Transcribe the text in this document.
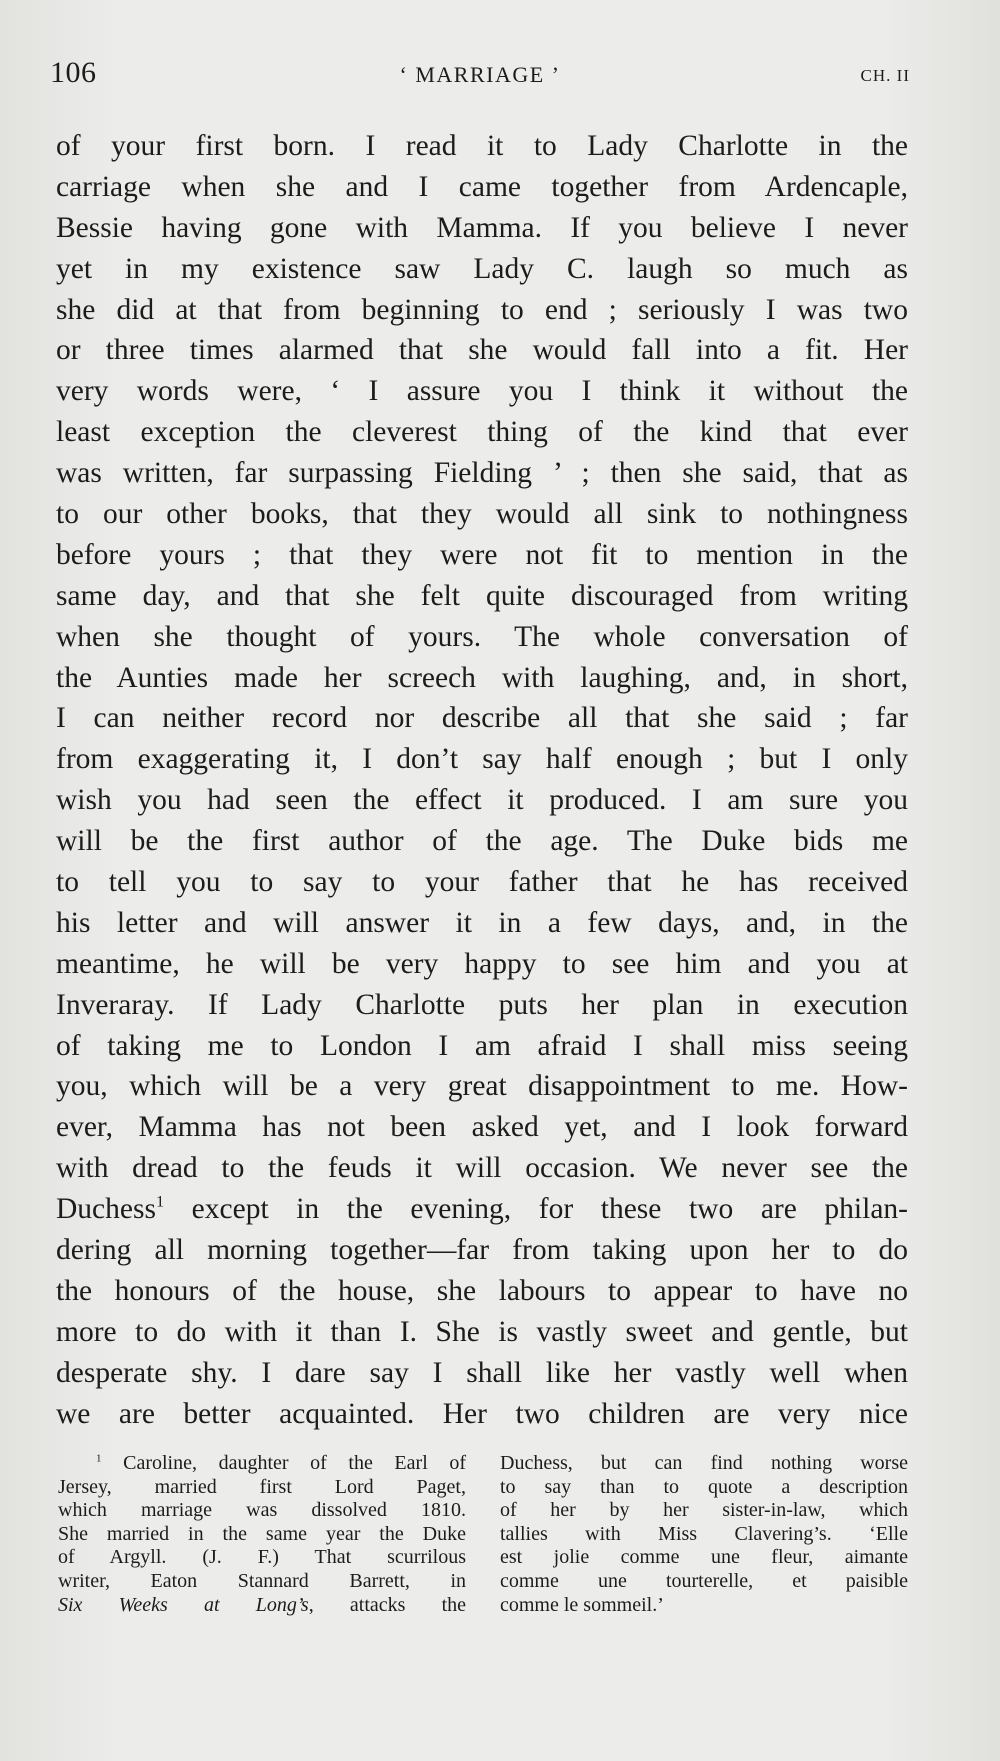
106	‘ MARRIAGE ’	CH. II
of your first born. I read it to Lady Charlotte in the
carriage when she and I came together from Ardencaple,
Bessie having gone with Mamma. If you believe I never
yet in my existence saw Lady C. laugh so much as
she did at that from beginning to end ; seriously I was two
or three times alarmed that she would fall into a fit. Her
very words were, ‘ I assure you I think it without the
least exception the cleverest thing of the kind that ever
was written, far surpassing Fielding ’ ; then she said, that as
to our other books, that they would all sink to nothingness
before yours ; that they were not fit to mention in the
same day, and that she felt quite discouraged from writing
when she thought of yours. The whole conversation of
the Aunties made her screech with laughing, and, in short,
I can neither record nor describe all that she said ; far
from exaggerating it, I don’t say half enough ; but I only
wish you had seen the effect it produced. I am sure you
will be the first author of the age. The Duke bids me
to tell you to say to your father that he has received
his letter and will answer it in a few days, and, in the
meantime, he will be very happy to see him and you at
Inveraray. If Lady Charlotte puts her plan in execution
of taking me to London I am afraid I shall miss seeing
you, which will be a very great disappointment to me. How-
ever, Mamma has not been asked yet, and I look forward
with dread to the feuds it will occasion. We never see the
Duchess$^1$ except in the evening, for these two are philan-
dering all morning together—far from taking upon her to do
the honours of the house, she labours to appear to have no
more to do with it than I. She is vastly sweet and gentle, but
desperate shy. I dare say I shall like her vastly well when
we are better acquainted. Her two children are very nice
$^1$ Caroline, daughter of the Earl of
Jersey, married first Lord Paget,
which marriage was dissolved 1810.
She married in the same year the Duke
of Argyll. (J. F.) That scurrilous
writer, Eaton Stannard Barrett, in
Six Weeks at Long’s, attacks the
Duchess, but can find nothing worse
to say than to quote a description
of her by her sister-in-law, which
tallies with Miss Clavering’s. ‘Elle
est jolie comme une fleur, aimante
comme une tourterelle, et paisible
comme le sommeil.’
